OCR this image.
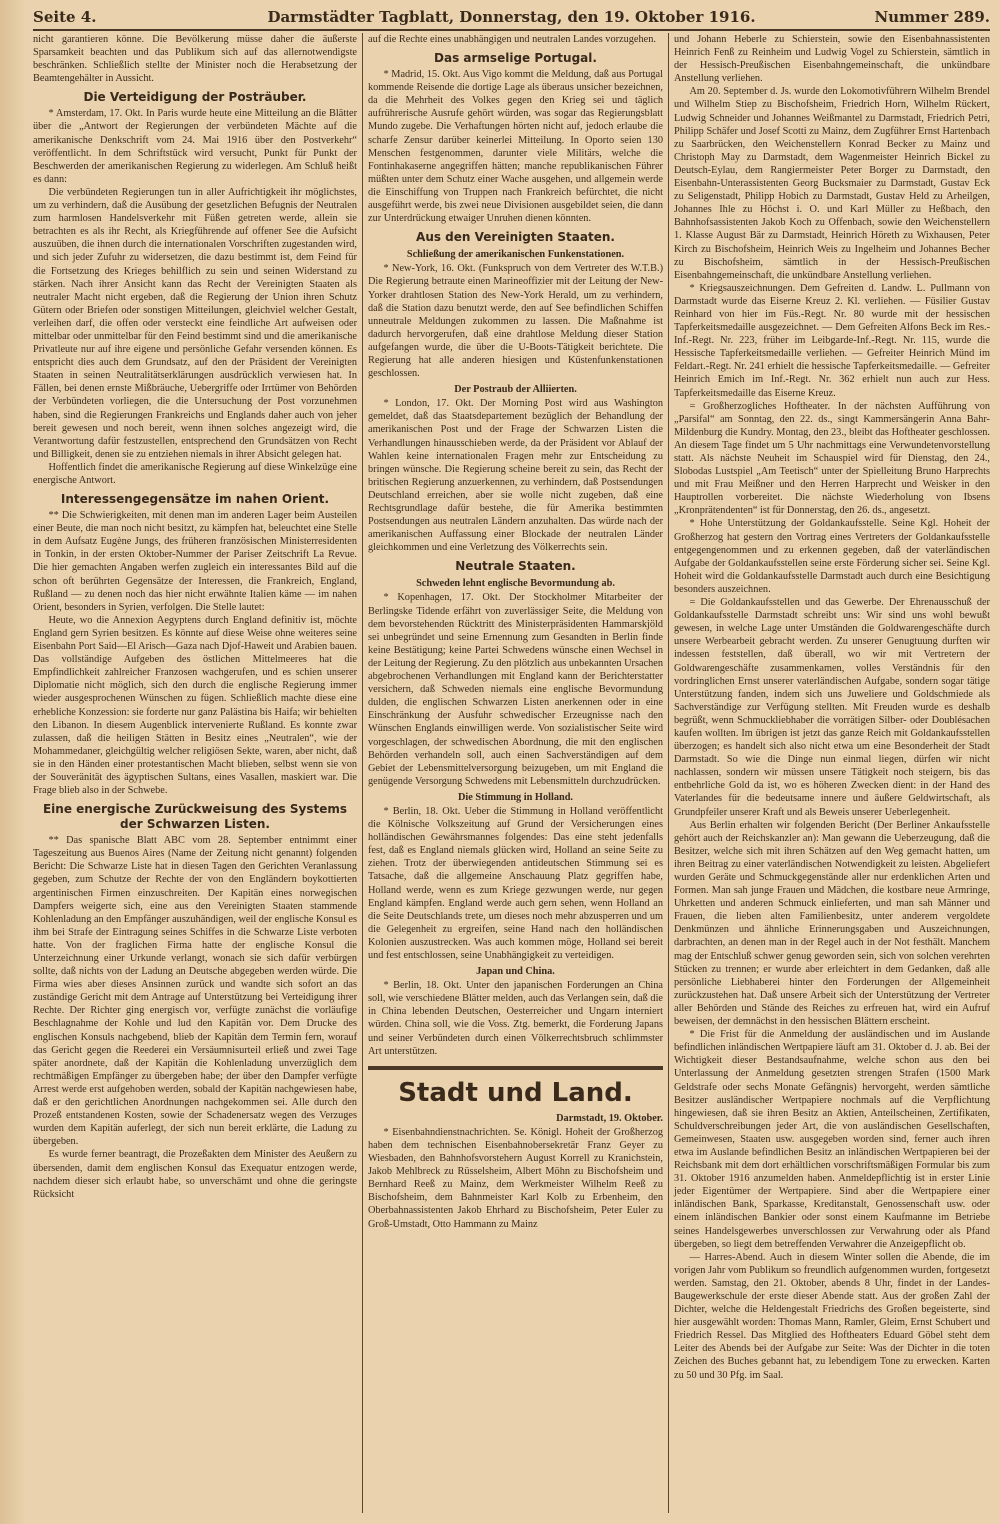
Seite 4.	Darmstädter Tagblatt, Donnerstag, den 19. Oktober 1916.	Nummer 289.

nicht garantieren könne. Die Bevölkerung müsse daher die äußerste Sparsamkeit beachten und das Publikum sich auf das allernotwendigste beschränken. Schließlich stellte der Minister noch die Herabsetzung der Beamtengehälter in Aussicht.

Die Verteidigung der Posträuber.

* Amsterdam, 17. Okt. In Paris wurde heute eine Mitteilung an die Blätter über die „Antwort der Regierungen der verbündeten Mächte auf die amerikanische Denkschrift vom 24. Mai 1916 über den Postverkehr“ veröffentlicht. In dem Schriftstück wird versucht, Punkt für Punkt der Beschwerden der amerikanischen Regierung zu widerlegen. Am Schluß heißt es dann:

Die verbündeten Regierungen tun in aller Aufrichtigkeit ihr möglichstes, um zu verhindern, daß die Ausübung der gesetzlichen Befugnis der Neutralen zum harmlosen Handelsverkehr mit Füßen getreten werde, allein sie betrachten es als ihr Recht, als Kriegführende auf offener See die Aufsicht auszuüben, die ihnen durch die internationalen Vorschriften zugestanden wird, und sich jeder Zufuhr zu widersetzen, die dazu bestimmt ist, dem Feind für die Fortsetzung des Krieges behilflich zu sein und seinen Widerstand zu stärken. Nach ihrer Ansicht kann das Recht der Vereinigten Staaten als neutraler Macht nicht ergeben, daß die Regierung der Union ihren Schutz Gütern oder Briefen oder sonstigen Mitteilungen, gleichviel welcher Gestalt, verleihen darf, die offen oder versteckt eine feindliche Art aufweisen oder mittelbar oder unmittelbar für den Feind bestimmt sind und die amerikanische Privatleute nur auf ihre eigene und persönliche Gefahr versenden können. Es entspricht dies auch dem Grundsatz, auf den der Präsident der Vereinigten Staaten in seinen Neutralitätserklärungen ausdrücklich verwiesen hat. In Fällen, bei denen ernste Mißbräuche, Uebergriffe oder Irrtümer von Behörden der Verbündeten vorliegen, die die Untersuchung der Post vorzunehmen haben, sind die Regierungen Frankreichs und Englands daher auch von jeher bereit gewesen und noch bereit, wenn ihnen solches angezeigt wird, die Verantwortung dafür festzustellen, entsprechend den Grundsätzen von Recht und Billigkeit, denen sie zu entziehen niemals in ihrer Absicht gelegen hat.

Hoffentlich findet die amerikanische Regierung auf diese Winkelzüge eine energische Antwort.

Interessengegensätze im nahen Orient.

** Die Schwierigkeiten, mit denen man im anderen Lager beim Austeilen einer Beute, die man noch nicht besitzt, zu kämpfen hat, beleuchtet eine Stelle in dem Aufsatz Eugène Jungs, des früheren französischen Ministerresidenten in Tonkin, in der ersten Oktober-Nummer der Pariser Zeitschrift La Revue. Die hier gemachten Angaben werfen zugleich ein interessantes Bild auf die schon oft berührten Gegensätze der Interessen, die Frankreich, England, Rußland — zu denen noch das hier nicht erwähnte Italien käme — im nahen Orient, besonders in Syrien, verfolgen. Die Stelle lautet:

Heute, wo die Annexion Aegyptens durch England definitiv ist, möchte England gern Syrien besitzen. Es könnte auf diese Weise ohne weiteres seine Eisenbahn Port Said—El Arisch—Gaza nach Djof-Haweit und Arabien bauen. Das vollständige Aufgeben des östlichen Mittelmeeres hat die Empfindlichkeit zahlreicher Franzosen wachgerufen, und es schien unserer Diplomatie nicht möglich, sich den durch die englische Regierung immer wieder ausgesprochenen Wünschen zu fügen. Schließlich machte diese eine erhebliche Konzession: sie forderte nur ganz Palästina bis Haifa; wir behielten den Libanon. In diesem Augenblick intervenierte Rußland. Es konnte zwar zulassen, daß die heiligen Stätten in Besitz eines „Neutralen“, wie der Mohammedaner, gleichgültig welcher religiösen Sekte, waren, aber nicht, daß sie in den Händen einer protestantischen Macht blieben, selbst wenn sie von der Souveränität des ägyptischen Sultans, eines Vasallen, maskiert war. Die Frage blieb also in der Schwebe.

Eine energische Zurückweisung des Systems der Schwarzen Listen.

** Das spanische Blatt ABC vom 28. September entnimmt einer Tageszeitung aus Buenos Aires (Name der Zeitung nicht genannt) folgenden Bericht: Die Schwarze Liste hat in diesen Tagen den Gerichten Veranlassung gegeben, zum Schutze der Rechte der von den Engländern boykottierten argentinischen Firmen einzuschreiten. Der Kapitän eines norwegischen Dampfers weigerte sich, eine aus den Vereinigten Staaten stammende Kohlenladung an den Empfänger auszuhändigen, weil der englische Konsul es ihm bei Strafe der Eintragung seines Schiffes in die Schwarze Liste verboten hatte. Von der fraglichen Firma hatte der englische Konsul die Unterzeichnung einer Urkunde verlangt, wonach sie sich dafür verbürgen sollte, daß nichts von der Ladung an Deutsche abgegeben werden würde. Die Firma wies aber dieses Ansinnen zurück und wandte sich sofort an das zuständige Gericht mit dem Antrage auf Unterstützung bei Verteidigung ihrer Rechte. Der Richter ging energisch vor, verfügte zunächst die vorläufige Beschlagnahme der Kohle und lud den Kapitän vor. Dem Drucke des englischen Konsuls nachgebend, blieb der Kapitän dem Termin fern, worauf das Gericht gegen die Reederei ein Versäumnisurteil erließ und zwei Tage später anordnete, daß der Kapitän die Kohlenladung unverzüglich dem rechtmäßigen Empfänger zu übergeben habe; der über den Dampfer verfügte Arrest werde erst aufgehoben werden, sobald der Kapitän nachgewiesen habe, daß er den gerichtlichen Anordnungen nachgekommen sei. Alle durch den Prozeß entstandenen Kosten, sowie der Schadenersatz wegen des Verzuges wurden dem Kapitän auferlegt, der sich nun bereit erklärte, die Ladung zu übergeben.

Es wurde ferner beantragt, die Prozeßakten dem Minister des Aeußern zu übersenden, damit dem englischen Konsul das Exequatur entzogen werde, nachdem dieser sich erlaubt habe, so unverschämt und ohne die geringste Rücksicht

auf die Rechte eines unabhängigen und neutralen Landes vorzugehen.

Das armselige Portugal.

* Madrid, 15. Okt. Aus Vigo kommt die Meldung, daß aus Portugal kommende Reisende die dortige Lage als überaus unsicher bezeichnen, da die Mehrheit des Volkes gegen den Krieg sei und täglich aufrührerische Ausrufe gehört würden, was sogar das Regierungsblatt Mundo zugebe. Die Verhaftungen hörten nicht auf, jedoch erlaube die scharfe Zensur darüber keinerlei Mitteilung. In Oporto seien 130 Menschen festgenommen, darunter viele Militärs, welche die Fontinhakaserne angegriffen hätten; manche republikanischen Führer müßten unter dem Schutz einer Wache ausgehen, und allgemein werde die Einschiffung von Truppen nach Frankreich befürchtet, die nicht ausgeführt werde, bis zwei neue Divisionen ausgebildet seien, die dann zur Unterdrückung etwaiger Unruhen dienen könnten.

Aus den Vereinigten Staaten.
Schließung der amerikanischen Funkenstationen.

* New-York, 16. Okt. (Funkspruch von dem Vertreter des W.T.B.) Die Regierung betraute einen Marineoffizier mit der Leitung der New-Yorker drahtlosen Station des New-York Herald, um zu verhindern, daß die Station dazu benutzt werde, den auf See befindlichen Schiffen unneutrale Meldungen zukommen zu lassen. Die Maßnahme ist dadurch hervorgerufen, daß eine drahtlose Meldung dieser Station aufgefangen wurde, die über die U-Boots-Tätigkeit berichtete. Die Regierung hat alle anderen hiesigen und Küstenfunkenstationen geschlossen.

Der Postraub der Alliierten.

* London, 17. Okt. Der Morning Post wird aus Washington gemeldet, daß das Staatsdepartement bezüglich der Behandlung der amerikanischen Post und der Frage der Schwarzen Listen die Verhandlungen hinausschieben werde, da der Präsident vor Ablauf der Wahlen keine internationalen Fragen mehr zur Entscheidung zu bringen wünsche. Die Regierung scheine bereit zu sein, das Recht der britischen Regierung anzuerkennen, zu verhindern, daß Postsendungen Deutschland erreichen, aber sie wolle nicht zugeben, daß eine Rechtsgrundlage dafür bestehe, die für Amerika bestimmten Postsendungen aus neutralen Ländern anzuhalten. Das würde nach der amerikanischen Auffassung einer Blockade der neutralen Länder gleichkommen und eine Verletzung des Völkerrechts sein.

Neutrale Staaten.
Schweden lehnt englische Bevormundung ab.

* Kopenhagen, 17. Okt. Der Stockholmer Mitarbeiter der Berlingske Tidende erfährt von zuverlässiger Seite, die Meldung von dem bevorstehenden Rücktritt des Ministerpräsidenten Hammarskjöld sei unbegründet und seine Ernennung zum Gesandten in Berlin finde keine Bestätigung; keine Partei Schwedens wünsche einen Wechsel in der Leitung der Regierung. Zu den plötzlich aus unbekannten Ursachen abgebrochenen Verhandlungen mit England kann der Berichterstatter versichern, daß Schweden niemals eine englische Bevormundung dulden, die englischen Schwarzen Listen anerkennen oder in eine Einschränkung der Ausfuhr schwedischer Erzeugnisse nach den Wünschen Englands einwilligen werde. Von sozialistischer Seite wird vorgeschlagen, der schwedischen Abordnung, die mit den englischen Behörden verhandeln soll, auch einen Sachverständigen auf dem Gebiet der Lebensmittelversorgung beizugeben, um mit England die genügende Versorgung Schwedens mit Lebensmitteln durchzudrücken.

Die Stimmung in Holland.

* Berlin, 18. Okt. Ueber die Stimmung in Holland veröffentlicht die Kölnische Volkszeitung auf Grund der Versicherungen eines holländischen Gewährsmannes folgendes: Das eine steht jedenfalls fest, daß es England niemals glücken wird, Holland an seine Seite zu ziehen. Trotz der überwiegenden antideutschen Stimmung sei es Tatsache, daß die allgemeine Anschauung Platz gegriffen habe, Holland werde, wenn es zum Kriege gezwungen werde, nur gegen England kämpfen. England werde auch gern sehen, wenn Holland an die Seite Deutschlands trete, um dieses noch mehr abzusperren und um die Gelegenheit zu ergreifen, seine Hand nach den holländischen Kolonien auszustrecken. Was auch kommen möge, Holland sei bereit und fest entschlossen, seine Unabhängigkeit zu verteidigen.

Japan und China.

* Berlin, 18. Okt. Unter den japanischen Forderungen an China soll, wie verschiedene Blätter melden, auch das Verlangen sein, daß die in China lebenden Deutschen, Oesterreicher und Ungarn interniert würden. China soll, wie die Voss. Ztg. bemerkt, die Forderung Japans und seiner Verbündeten durch einen Völkerrechtsbruch schlimmster Art unterstützen.

Stadt und Land.
Darmstadt, 19. Oktober.

* Eisenbahndienstnachrichten. Se. Königl. Hoheit der Großherzog haben dem technischen Eisenbahnobersekretär Franz Geyer zu Wiesbaden, den Bahnhofsvorstehern August Korrell zu Kranichstein, Jakob Mehlbreck zu Rüsselsheim, Albert Möhn zu Bischofsheim und Bernhard Reeß zu Mainz, dem Werkmeister Wilhelm Reeß zu Bischofsheim, dem Bahnmeister Karl Kolb zu Erbenheim, den Oberbahnassistenten Jakob Ehrhard zu Bischofsheim, Peter Euler zu Groß-Umstadt, Otto Hammann zu Mainz

und Johann Heberle zu Schierstein, sowie den Eisenbahnassistenten Heinrich Fenß zu Reinheim und Ludwig Vogel zu Schierstein, sämtlich in der Hessisch-Preußischen Eisenbahngemeinschaft, die unkündbare Anstellung verliehen.

Am 20. September d. Js. wurde den Lokomotivführern Wilhelm Brendel und Wilhelm Stiep zu Bischofsheim, Friedrich Horn, Wilhelm Rückert, Ludwig Schneider und Johannes Weißmantel zu Darmstadt, Friedrich Petri, Philipp Schäfer und Josef Scotti zu Mainz, dem Zugführer Ernst Hartenbach zu Saarbrücken, den Weichenstellern Konrad Becker zu Mainz und Christoph May zu Darmstadt, dem Wagenmeister Heinrich Bickel zu Deutsch-Eylau, dem Rangiermeister Peter Borger zu Darmstadt, den Eisenbahn-Unterassistenten Georg Bucksmaier zu Darmstadt, Gustav Eck zu Seligenstadt, Philipp Hobich zu Darmstadt, Gustav Held zu Arheilgen, Johannes Ihle zu Höchst i. O. und Karl Müller zu Heßbach, den Bahnhofsassistenten Jakob Koch zu Offenbach, sowie den Weichenstellern 1. Klasse August Bär zu Darmstadt, Heinrich Höreth zu Wixhausen, Peter Kirch zu Bischofsheim, Heinrich Weis zu Ingelheim und Johannes Becher zu Bischofsheim, sämtlich in der Hessisch-Preußischen Eisenbahngemeinschaft, die unkündbare Anstellung verliehen.

* Kriegsauszeichnungen. Dem Gefreiten d. Landw. L. Pullmann von Darmstadt wurde das Eiserne Kreuz 2. Kl. verliehen. — Füsilier Gustav Reinhard von hier im Füs.-Regt. Nr. 80 wurde mit der hessischen Tapferkeitsmedaille ausgezeichnet. — Dem Gefreiten Alfons Beck im Res.-Inf.-Regt. Nr. 223, früher im Leibgarde-Inf.-Regt. Nr. 115, wurde die Hessische Tapferkeitsmedaille verliehen. — Gefreiter Heinrich Münd im Feldart.-Regt. Nr. 241 erhielt die hessische Tapferkeitsmedaille. — Gefreiter Heinrich Emich im Inf.-Regt. Nr. 362 erhielt nun auch zur Hess. Tapferkeitsmedaille das Eiserne Kreuz.

= Großherzogliches Hoftheater. In der nächsten Aufführung von „Parsifal“ am Sonntag, den 22. ds., singt Kammersängerin Anna Bahr-Mildenburg die Kundry. Montag, den 23., bleibt das Hoftheater geschlossen. An diesem Tage findet um 5 Uhr nachmittags eine Verwundetenvorstellung statt. Als nächste Neuheit im Schauspiel wird für Dienstag, den 24., Slobodas Lustspiel „Am Teetisch“ unter der Spielleitung Bruno Harprechts und mit Frau Meißner und den Herren Harprecht und Weisker in den Hauptrollen vorbereitet. Die nächste Wiederholung von Ibsens „Kronprätendenten“ ist für Donnerstag, den 26. ds., angesetzt.

* Hohe Unterstützung der Goldankaufsstelle. Seine Kgl. Hoheit der Großherzog hat gestern den Vortrag eines Vertreters der Goldankaufsstelle entgegengenommen und zu erkennen gegeben, daß der vaterländischen Aufgabe der Goldankaufsstellen seine erste Förderung sicher sei. Seine Kgl. Hoheit wird die Goldankaufsstelle Darmstadt auch durch eine Besichtigung besonders auszeichnen.

= Die Goldankaufsstellen und das Gewerbe. Der Ehrenausschuß der Goldankaufsstelle Darmstadt schreibt uns: Wir sind uns wohl bewußt gewesen, in welche Lage unter Umständen die Goldwarengeschäfte durch unsere Werbearbeit gebracht werden. Zu unserer Genugtuung durften wir indessen feststellen, daß überall, wo wir mit Vertretern der Goldwarengeschäfte zusammenkamen, volles Verständnis für den vordringlichen Ernst unserer vaterländischen Aufgabe, sondern sogar tätige Unterstützung fanden, indem sich uns Juweliere und Goldschmiede als Sachverständige zur Verfügung stellten. Mit Freuden wurde es deshalb begrüßt, wenn Schmuckliebhaber die vorrätigen Silber- oder Doublésachen kaufen wollten. Im übrigen ist jetzt das ganze Reich mit Goldankaufsstellen überzogen; es handelt sich also nicht etwa um eine Besonderheit der Stadt Darmstadt. So wie die Dinge nun einmal liegen, dürfen wir nicht nachlassen, sondern wir müssen unsere Tätigkeit noch steigern, bis das entbehrliche Gold da ist, wo es höheren Zwecken dient: in der Hand des Vaterlandes für die bedeutsame innere und äußere Geldwirtschaft, als Grundpfeiler unserer Kraft und als Beweis unserer Ueberlegenheit.

Aus Berlin erhalten wir folgenden Bericht (Der Berliner Ankaufsstelle gehört auch der Reichskanzler an): Man gewann die Ueberzeugung, daß die Besitzer, welche sich mit ihren Schätzen auf den Weg gemacht hatten, um ihren Beitrag zu einer vaterländischen Notwendigkeit zu leisten. Abgeliefert wurden Geräte und Schmuckgegenstände aller nur erdenklichen Arten und Formen. Man sah junge Frauen und Mädchen, die kostbare neue Armringe, Uhrketten und anderen Schmuck einlieferten, und man sah Männer und Frauen, die lieben alten Familienbesitz, unter anderem vergoldete Denkmünzen und ähnliche Erinnerungsgaben und Auszeichnungen, darbrachten, an denen man in der Regel auch in der Not festhält. Manchem mag der Entschluß schwer genug geworden sein, sich von solchen verehrten Stücken zu trennen; er wurde aber erleichtert in dem Gedanken, daß alle persönliche Liebhaberei hinter den Forderungen der Allgemeinheit zurückzustehen hat. Daß unsere Arbeit sich der Unterstützung der Vertreter aller Behörden und Stände des Reiches zu erfreuen hat, wird ein Aufruf beweisen, der demnächst in den hessischen Blättern erscheint.

* Die Frist für die Anmeldung der ausländischen und im Auslande befindlichen inländischen Wertpapiere läuft am 31. Oktober d. J. ab. Bei der Wichtigkeit dieser Bestandsaufnahme, welche schon aus den bei Unterlassung der Anmeldung gesetzten strengen Strafen (1500 Mark Geldstrafe oder sechs Monate Gefängnis) hervorgeht, werden sämtliche Besitzer ausländischer Wertpapiere nochmals auf die Verpflichtung hingewiesen, daß sie ihren Besitz an Aktien, Anteilscheinen, Zertifikaten, Schuldverschreibungen jeder Art, die von ausländischen Gesellschaften, Gemeinwesen, Staaten usw. ausgegeben worden sind, ferner auch ihren etwa im Auslande befindlichen Besitz an inländischen Wertpapieren bei der Reichsbank mit dem dort erhältlichen vorschriftsmäßigen Formular bis zum 31. Oktober 1916 anzumelden haben. Anmeldepflichtig ist in erster Linie jeder Eigentümer der Wertpapiere. Sind aber die Wertpapiere einer inländischen Bank, Sparkasse, Kreditanstalt, Genossenschaft usw. oder einem inländischen Bankier oder sonst einem Kaufmanne im Betriebe seines Handelsgewerbes unverschlossen zur Verwahrung oder als Pfand übergeben, so liegt dem betreffenden Verwahrer die Anzeigepflicht ob.

— Harres-Abend. Auch in diesem Winter sollen die Abende, die im vorigen Jahr vom Publikum so freundlich aufgenommen wurden, fortgesetzt werden. Samstag, den 21. Oktober, abends 8 Uhr, findet in der Landes-Baugewerkschule der erste dieser Abende statt. Aus der großen Zahl der Dichter, welche die Heldengestalt Friedrichs des Großen begeisterte, sind hier ausgewählt worden: Thomas Mann, Ramler, Gleim, Ernst Schubert und Friedrich Ressel. Das Mitglied des Hoftheaters Eduard Göbel steht dem Leiter des Abends bei der Aufgabe zur Seite: Was der Dichter in die toten Zeichen des Buches gebannt hat, zu lebendigem Tone zu erwecken. Karten zu 50 und 30 Pfg. im Saal.
